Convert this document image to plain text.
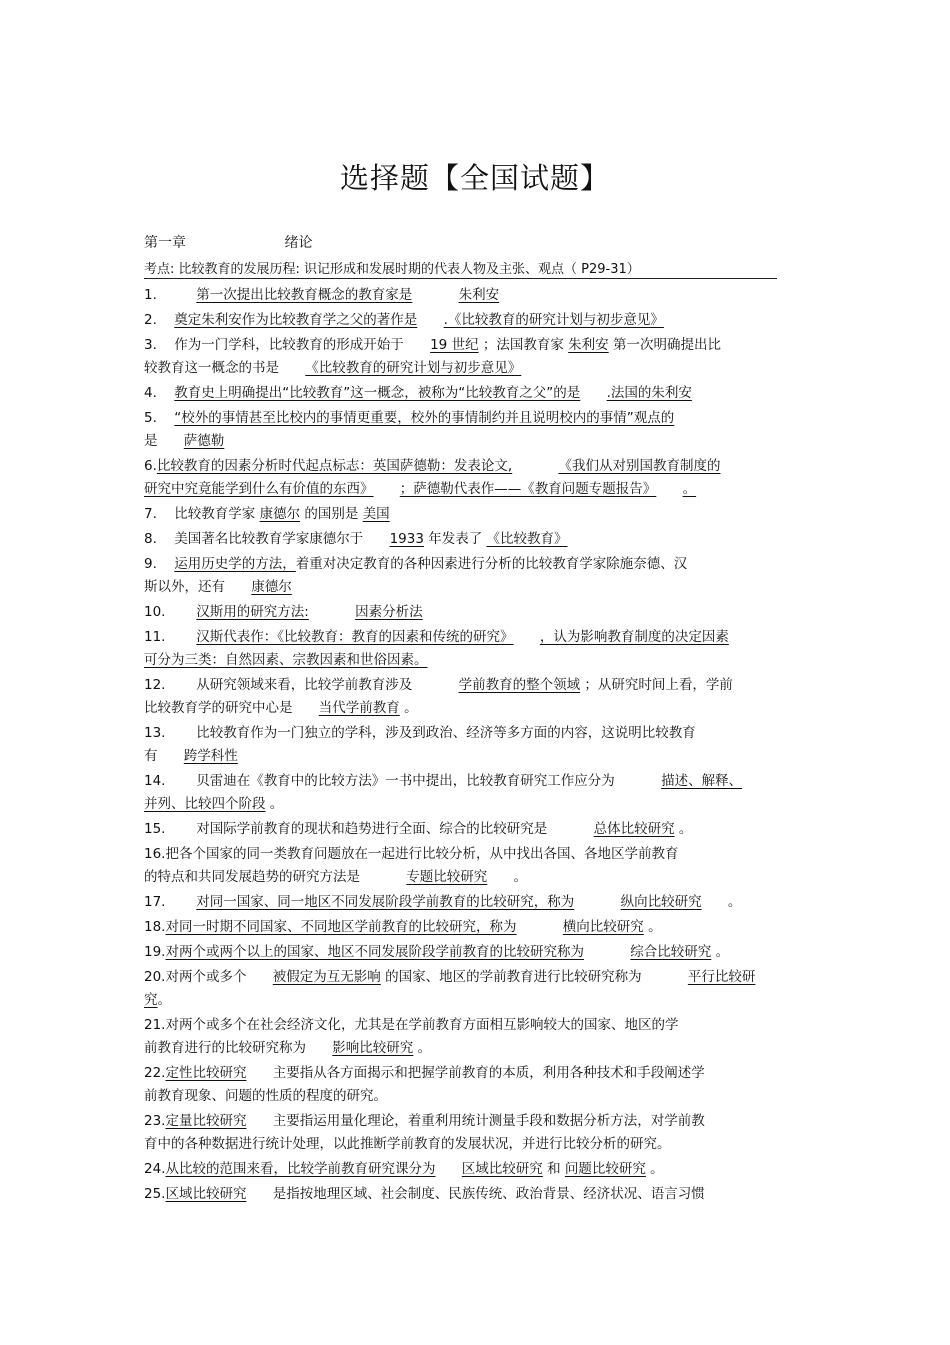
选择题【全国试题】
第一章	绪论
考点: 比较教育的发展历程: 识记形成和发展时期的代表人物及主张、观点（ P29-31）

1.	第一次提出比较教育概念的教育家是	朱利安

2. 奠定朱利安作为比较教育学之父的著作是 .《比较教育的研究计划与初步意见》

3. 作为一门学科，比较教育的形成开始于 19 世纪 ；法国教育家 朱利安 第一次明确提出比

较教育这一概念的书是 《比较教育的研究计划与初步意见》

4. 教育史上明确提出“比较教育”这一概念，被称为“比较教育之父”的是 .法国的朱利安

5. “校外的事情甚至比校内的事情更重要，校外的事情制约并且说明校内的事情”观点的

是 萨德勒

6.比较教育的因素分析时代起点标志：英国萨德勒：发表论文,	《我们从对别国教育制度的

研究中究竟能学到什么有价值的东西》 ；萨德勒代表作——《教育问题专题报告》 。

7. 比较教育学家 康德尔 的国别是 美国

8. 美国著名比较教育学家康德尔于 1933 年发表了 《比较教育》

9. 运用历史学的方法，着重对决定教育的各种因素进行分析的比较教育学家除施奈德、汉

斯以外，还有 康德尔

10. 汉斯用的研究方法:	因素分析法

11. 汉斯代表作：《比较教育：教育的因素和传统的研究》 ，认为影响教育制度的决定因素

可分为三类：自然因素、宗教因素和世俗因素。

12. 从研究领域来看，比较学前教育涉及	学前教育的整个领域 ；从研究时间上看，学前

比较教育学的研究中心是 当代学前教育 。

13. 比较教育作为一门独立的学科，涉及到政治、经济等多方面的内容，这说明比较教育

有 跨学科性

14. 贝雷迪在《教育中的比较方法》一书中提出，比较教育研究工作应分为	描述、解释、

并列、比较四个阶段 。

15. 对国际学前教育的现状和趋势进行全面、综合的比较研究是	总体比较研究 。

16.把各个国家的同一类教育问题放在一起进行比较分析，从中找出各国、各地区学前教育

的特点和共同发展趋势的研究方法是	专题比较研究 。

17. 对同一国家、同一地区不同发展阶段学前教育的比较研究，称为	纵向比较研究 。

18.对同一时期不同国家、不同地区学前教育的比较研究，称为	横向比较研究 。

19.对两个或两个以上的国家、地区不同发展阶段学前教育的比较研究称为	综合比较研究 。

20.对两个或多个 被假定为互无影响 的国家、地区的学前教育进行比较研究称为	平行比较研

究。

21.对两个或多个在社会经济文化，尤其是在学前教育方面相互影响较大的国家、地区的学

前教育进行的比较研究称为 影响比较研究 。

22.定性比较研究 主要指从各方面揭示和把握学前教育的本质，利用各种技术和手段阐述学

前教育现象、问题的性质的程度的研究。

23.定量比较研究 主要指运用量化理论，着重利用统计测量手段和数据分析方法，对学前教

育中的各种数据进行统计处理，以此推断学前教育的发展状况，并进行比较分析的研究。

24.从比较的范围来看，比较学前教育研究课分为 区域比较研究 和 问题比较研究 。

25.区域比较研究 是指按地理区域、社会制度、民族传统、政治背景、经济状况、语言习惯
